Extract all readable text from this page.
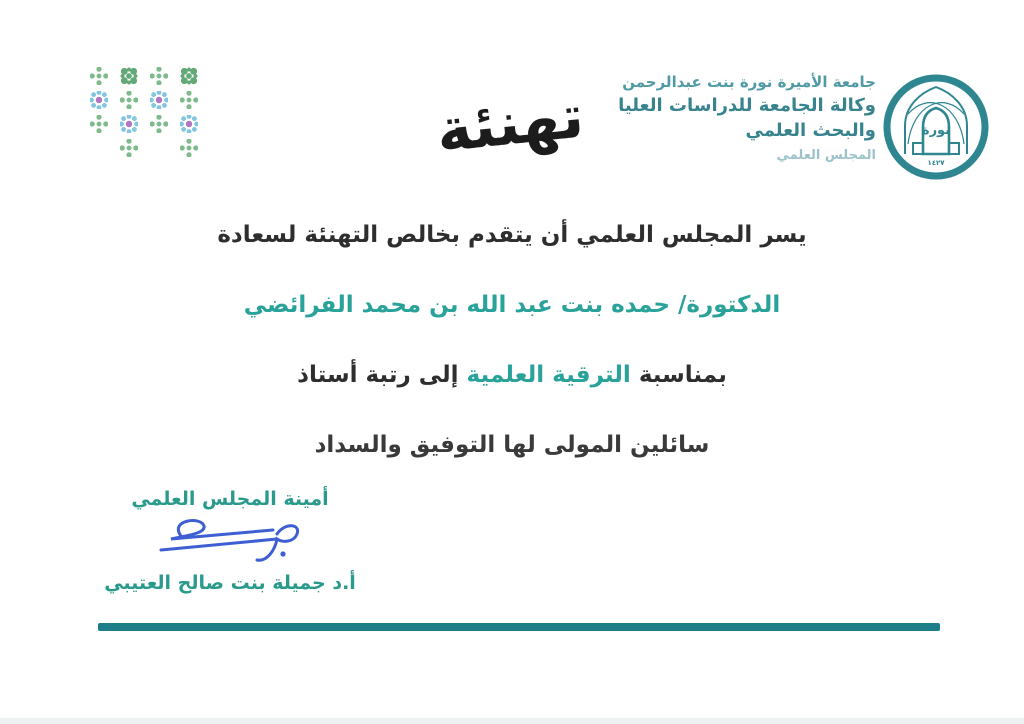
تهنئة	جامعة الأميرة نورة بنت عبدالرحمن
وكالة الجامعة للدراسات العليا
والبحث العلمي
المجلس العلمي
نورة
١٤٢٧
يسر المجلس العلمي أن يتقدم بخالص التهنئة لسعادة
الدكتورة/ حمده بنت عبد الله بن محمد الفرائضي
بمناسبة الترقية العلمية إلى رتبة أستاذ
سائلين المولى لها التوفيق والسداد
أمينة المجلس العلمي
أ.د جميلة بنت صالح العتيبي
